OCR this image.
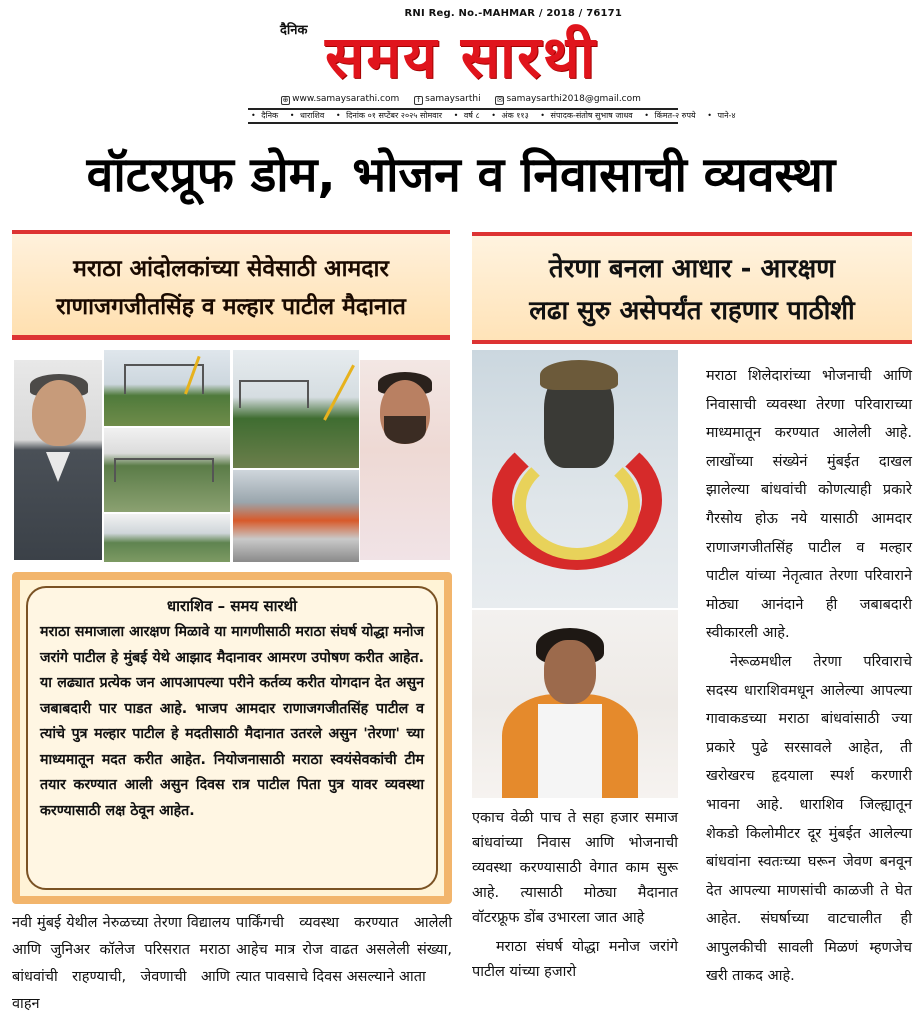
RNI Reg. No.-MAHMAR / 2018 / 76171
दैनिक समय सारथी
⊕ www.samaysarathi.com	f samaysarthi ✉ samaysarthi2018@gmail.com
• दैनिक • धाराशिव • दिनांक ०१ सप्टेंबर २०२५ सोमवार • वर्ष ८ • अंक ११३ • संपादक-संतोष सुभाष जाधव • किंमत-२ रुपये • पाने-४
वॉटरप्रूफ डोम, भोजन व निवासाची व्यवस्था
मराठा आंदोलकांच्या सेवेसाठी आमदार
राणाजगजीतसिंह व मल्हार पाटील मैदानात
तेरणा बनला आधार - आरक्षण
लढा सुरु असेपर्यंत राहणार पाठीशी
धाराशिव – समय सारथी
मराठा समाजाला आरक्षण मिळावे या मागणीसाठी मराठा संघर्ष योद्धा मनोज जरांगे पाटील हे मुंबई येथे आझाद मैदानावर आमरण उपोषण करीत आहेत. या लढ्यात प्रत्येक जन आपआपल्या परीने कर्तव्य करीत योगदान देत असुन जबाबदारी पार पाडत आहे. भाजप आमदार राणाजगजीतसिंह पाटील व त्यांचे पुत्र मल्हार पाटील हे मदतीसाठी मैदानात उतरले असुन 'तेरणा' च्या माध्यमातून मदत करीत आहेत. नियोजनासाठी मराठा स्वयंसेवकांची टीम तयार करण्यात आली असुन दिवस रात्र पाटील पिता पुत्र यावर व्यवस्था करण्यासाठी लक्ष ठेवून आहेत.
नवी मुंबई येथील नेरुळच्या तेरणा विद्यालय आणि जुनिअर कॉलेज परिसरात मराठा बांधवांची राहण्याची, जेवणाची आणि वाहन
पार्किंगची व्यवस्था करण्यात आलेली आहेच मात्र रोज वाढत असलेली संख्या, त्यात पावसाचे दिवस असल्याने आता

एकाच वेळी पाच ते सहा हजार समाज बांधवांच्या निवास आणि भोजनाची व्यवस्था करण्यासाठी वेगात काम सुरू आहे. त्यासाठी मोठ्या मैदानात वॉटरफ्रूफ डोंब उभारला जात आहे

मराठा संघर्ष योद्धा मनोज जरांगे पाटील यांच्या हजारो

मराठा शिलेदारांच्या भोजनाची आणि निवासाची व्यवस्था तेरणा परिवाराच्या माध्यमातून करण्यात आलेली आहे. लाखोंच्या संख्येनं मुंबईत दाखल झालेल्या बांधवांची कोणत्याही प्रकारे गैरसोय होऊ नये यासाठी आमदार राणाजगजीतसिंह पाटील व मल्हार पाटील यांच्या नेतृत्वात तेरणा परिवाराने मोठ्या आनंदाने ही जबाबदारी स्वीकारली आहे.

नेरूळमधील तेरणा परिवाराचे सदस्य धाराशिवमधून आलेल्या आपल्या गावाकडच्या मराठा बांधवांसाठी ज्या प्रकारे पुढे सरसावले आहेत, ती खरोखरच हृदयाला स्पर्श करणारी भावना आहे. धाराशिव जिल्ह्यातून शेकडो किलोमीटर दूर मुंबईत आलेल्या बांधवांना स्वतःच्या घरून जेवण बनवून देत आपल्या माणसांची काळजी ते घेत आहेत. संघर्षाच्या वाटचालीत ही आपुलकीची सावली मिळणं म्हणजेच खरी ताकद आहे.
